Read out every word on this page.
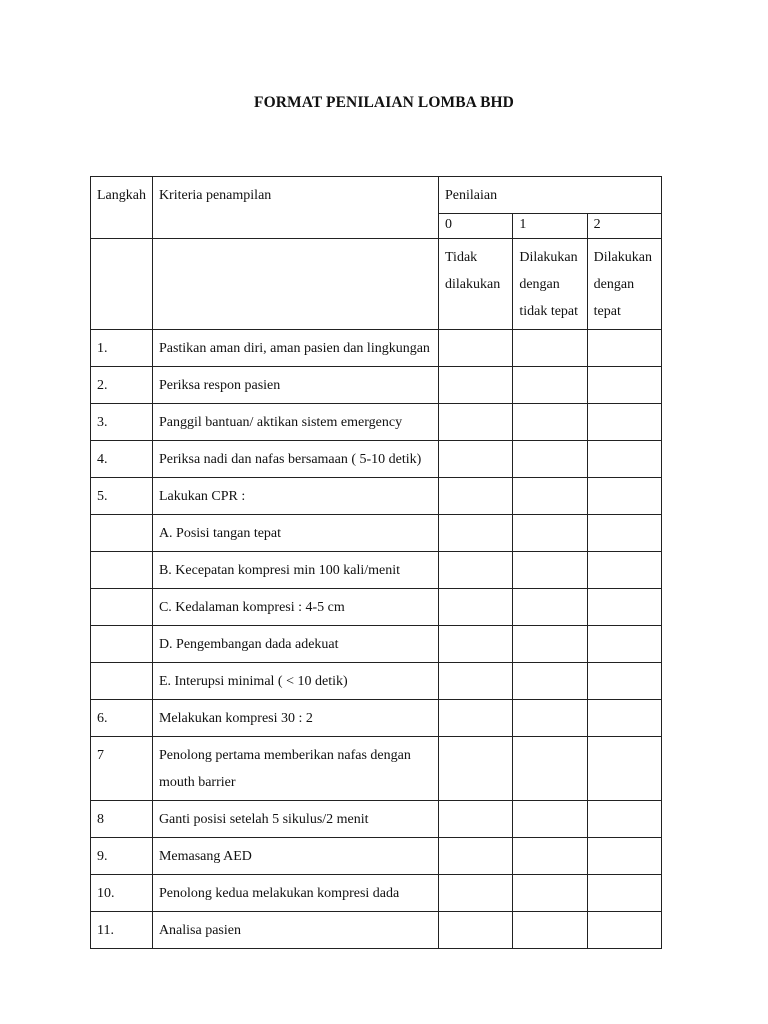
FORMAT PENILAIAN LOMBA BHD
Langkah	Kriteria penampilan	Penilaian		
		0	1	2
		Tidak dilakukan	Dilakukan dengan tidak tepat	Dilakukan dengan tepat
1.	Pastikan aman diri, aman pasien dan lingkungan			
2.	Periksa respon pasien			
3.	Panggil bantuan/ aktikan sistem emergency			
4.	Periksa nadi dan nafas bersamaan ( 5-10 detik)			
5.	Lakukan CPR :			
	A. Posisi tangan tepat			
	B. Kecepatan kompresi min 100 kali/menit			
	C. Kedalaman kompresi : 4-5 cm			
	D. Pengembangan dada adekuat			
	E. Interupsi minimal ( < 10 detik)			
6.	Melakukan kompresi 30 : 2			
7	Penolong pertama memberikan nafas dengan mouth barrier			
8	Ganti posisi setelah 5 sikulus/2 menit			
9.	Memasang AED			
10.	Penolong kedua melakukan kompresi dada			
11.	Analisa pasien			
